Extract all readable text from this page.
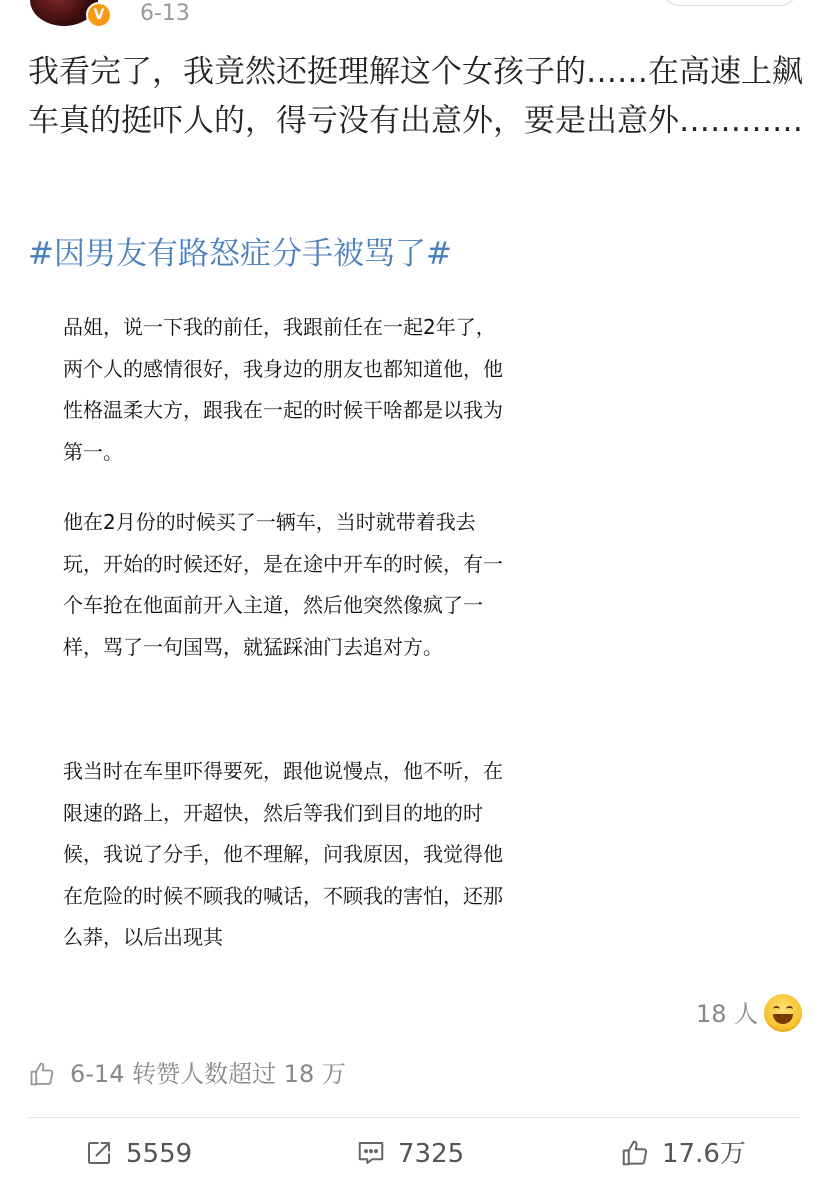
V	6-13

我看完了，我竟然还挺理解这个女孩子的……在高速上飙车真的挺吓人的，得亏没有出意外，要是出意外…………

#因男友有路怒症分手被骂了#

品姐，说一下我的前任，我跟前任在一起2年了，两个人的感情很好，我身边的朋友也都知道他，他性格温柔大方，跟我在一起的时候干啥都是以我为第一。

他在2月份的时候买了一辆车，当时就带着我去玩，开始的时候还好，是在途中开车的时候，有一个车抢在他面前开入主道，然后他突然像疯了一样，骂了一句国骂，就猛踩油门去追对方。

我当时在车里吓得要死，跟他说慢点，他不听，在限速的路上，开超快，然后等我们到目的地的时候，我说了分手，他不理解，问我原因，我觉得他在危险的时候不顾我的喊话，不顾我的害怕，还那么莽，以后出现其

18 人
6-14 转赞人数超过 18 万
5559	7325	17.6万
